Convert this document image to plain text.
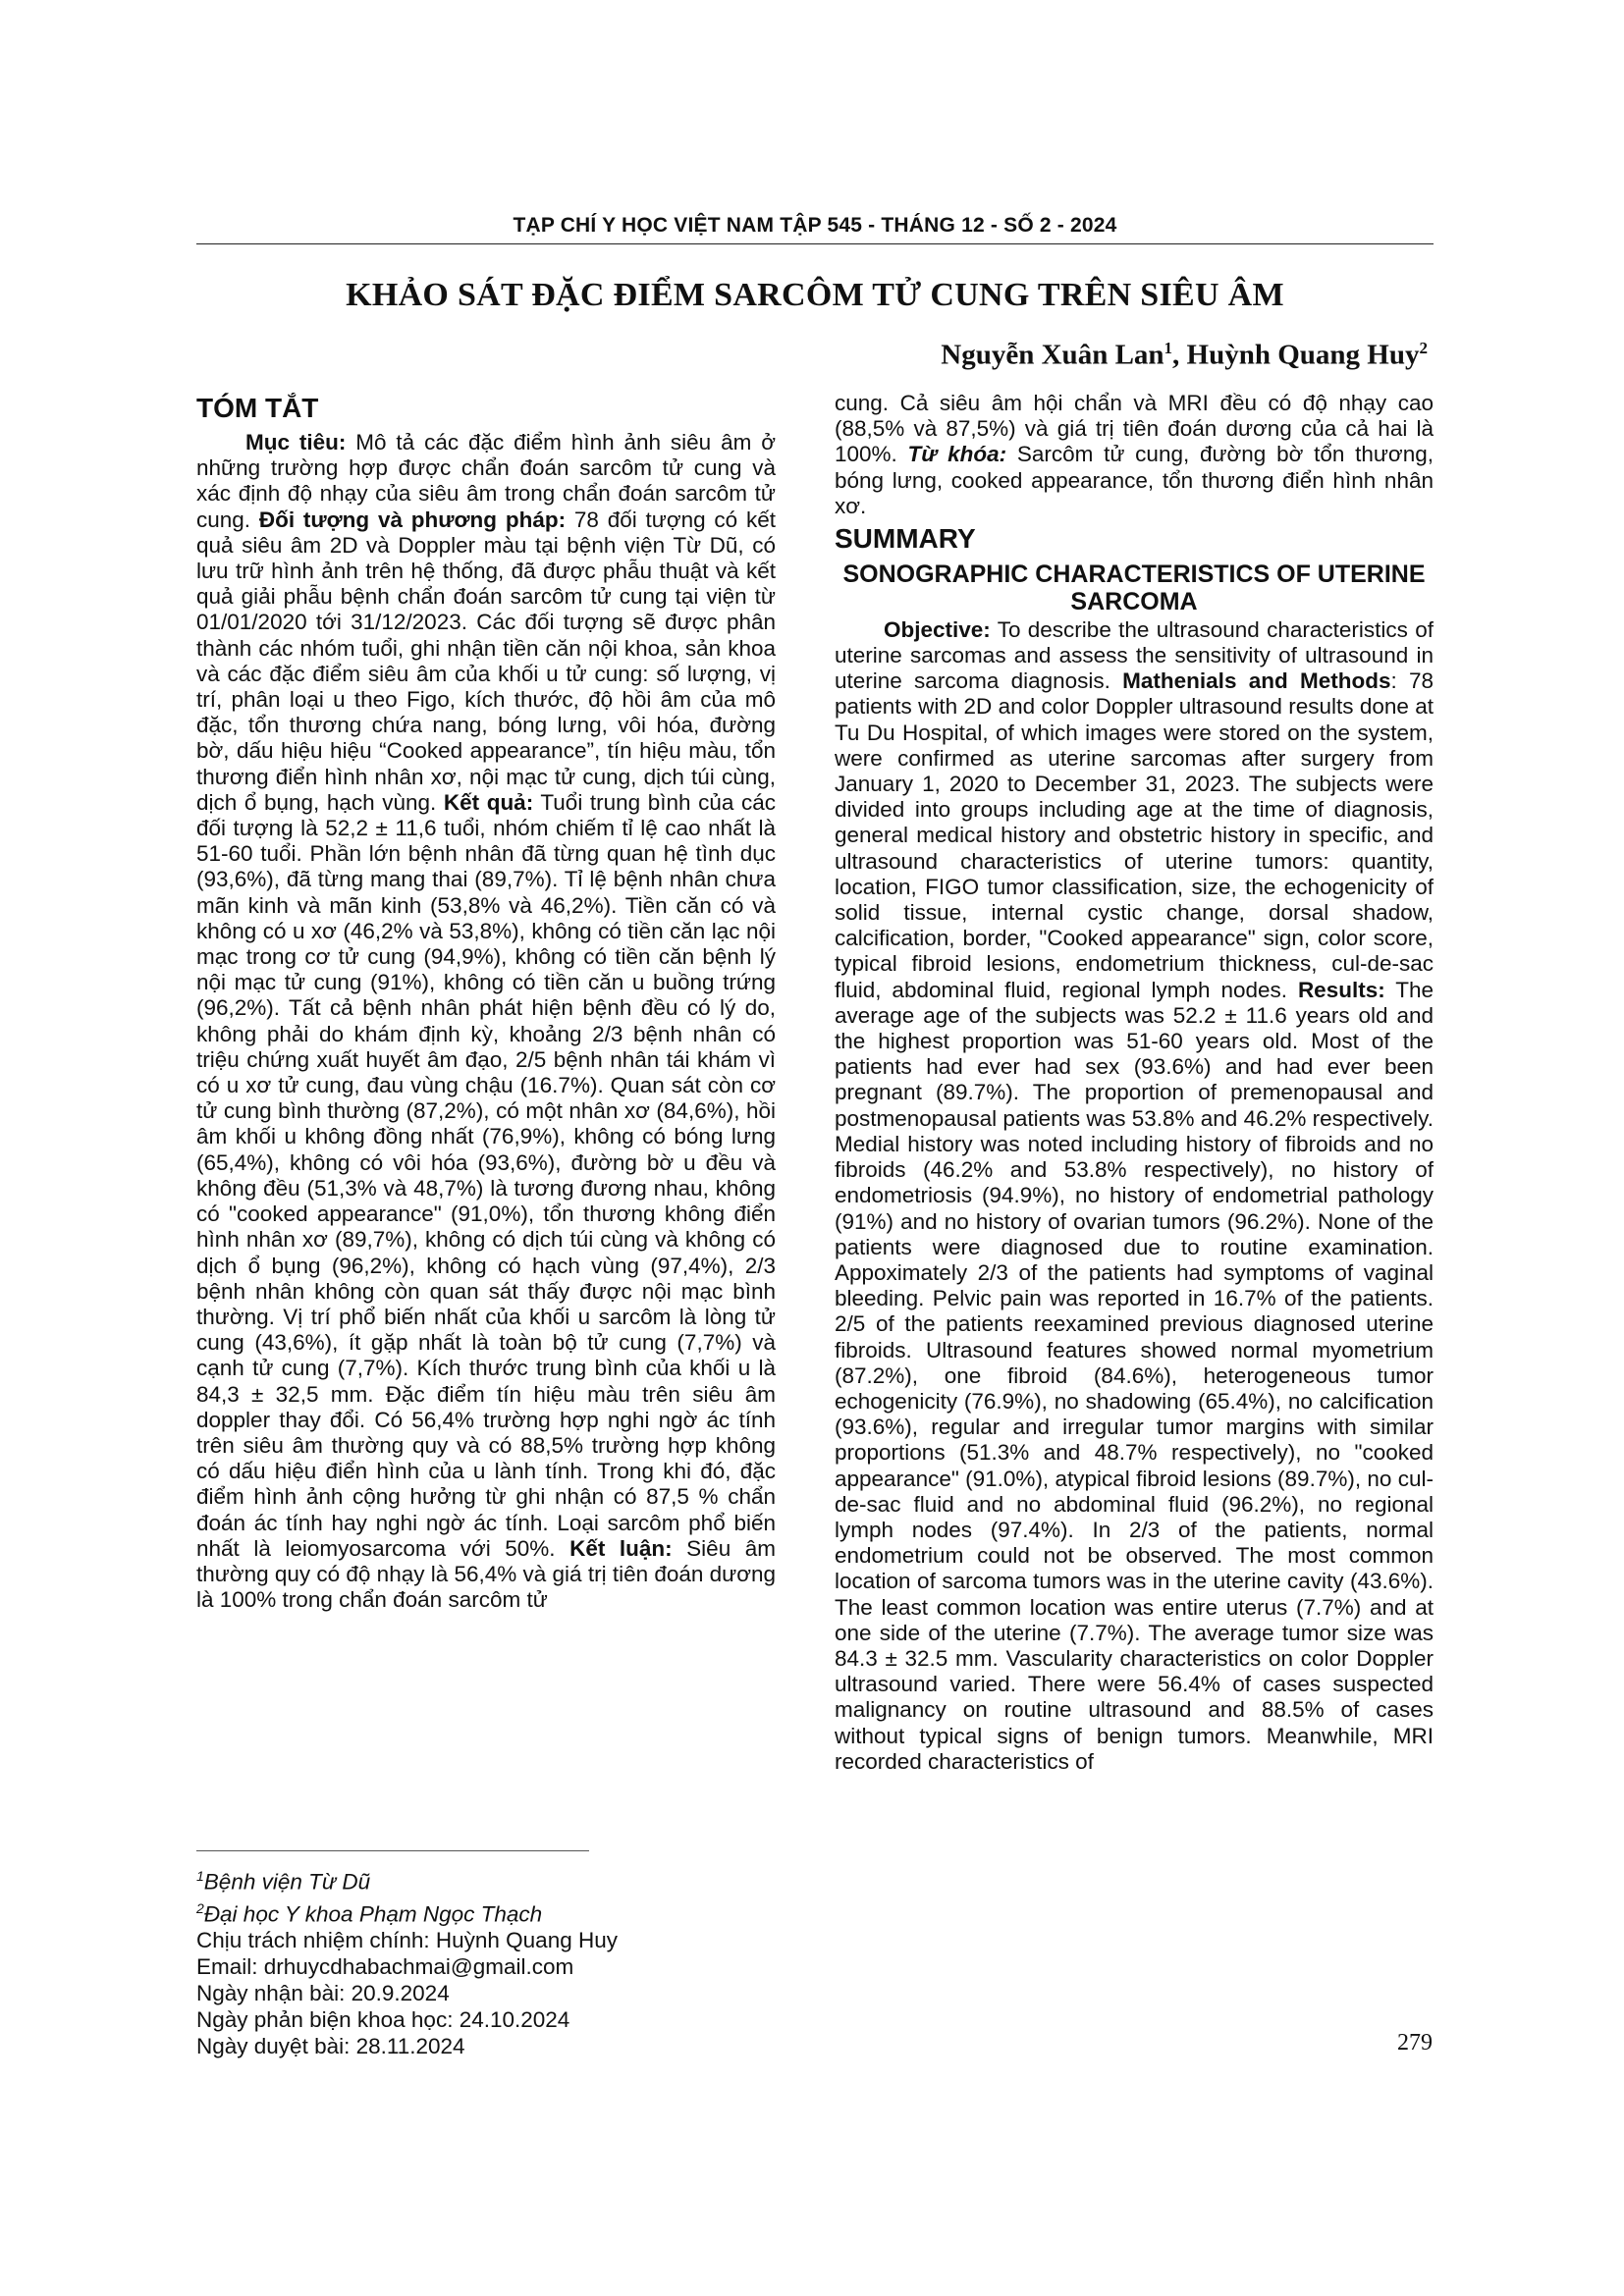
TẠP CHÍ Y HỌC VIỆT NAM TẬP 545 - THÁNG 12 - SỐ 2 - 2024
KHẢO SÁT ĐẶC ĐIỂM SARCÔM TỬ CUNG TRÊN SIÊU ÂM
Nguyễn Xuân Lan$^1$, Huỳnh Quang Huy$^2$
TÓM TẮT

Mục tiêu: Mô tả các đặc điểm hình ảnh siêu âm ở những trường hợp được chẩn đoán sarcôm tử cung và xác định độ nhạy của siêu âm trong chẩn đoán sarcôm tử cung. Đối tượng và phương pháp: 78 đối tượng có kết quả siêu âm 2D và Doppler màu tại bệnh viện Từ Dũ, có lưu trữ hình ảnh trên hệ thống, đã được phẫu thuật và kết quả giải phẫu bệnh chẩn đoán sarcôm tử cung tại viện từ 01/01/2020 tới 31/12/2023. Các đối tượng sẽ được phân thành các nhóm tuổi, ghi nhận tiền căn nội khoa, sản khoa và các đặc điểm siêu âm của khối u tử cung: số lượng, vị trí, phân loại u theo Figo, kích thước, độ hồi âm của mô đặc, tổn thương chứa nang, bóng lưng, vôi hóa, đường bờ, dấu hiệu hiệu “Cooked appearance”, tín hiệu màu, tổn thương điển hình nhân xơ, nội mạc tử cung, dịch túi cùng, dịch ổ bụng, hạch vùng. Kết quả: Tuổi trung bình của các đối tượng là 52,2 ± 11,6 tuổi, nhóm chiếm tỉ lệ cao nhất là 51-60 tuổi. Phần lớn bệnh nhân đã từng quan hệ tình dục (93,6%), đã từng mang thai (89,7%). Tỉ lệ bệnh nhân chưa mãn kinh và mãn kinh (53,8% và 46,2%). Tiền căn có và không có u xơ (46,2% và 53,8%), không có tiền căn lạc nội mạc trong cơ tử cung (94,9%), không có tiền căn bệnh lý nội mạc tử cung (91%), không có tiền căn u buồng trứng (96,2%). Tất cả bệnh nhân phát hiện bệnh đều có lý do, không phải do khám định kỳ, khoảng 2/3 bệnh nhân có triệu chứng xuất huyết âm đạo, 2/5 bệnh nhân tái khám vì có u xơ tử cung, đau vùng chậu (16.7%). Quan sát còn cơ tử cung bình thường (87,2%), có một nhân xơ (84,6%), hồi âm khối u không đồng nhất (76,9%), không có bóng lưng (65,4%), không có vôi hóa (93,6%), đường bờ u đều và không đều (51,3% và 48,7%) là tương đương nhau, không có "cooked appearance" (91,0%), tổn thương không điển hình nhân xơ (89,7%), không có dịch túi cùng và không có dịch ổ bụng (96,2%), không có hạch vùng (97,4%), 2/3 bệnh nhân không còn quan sát thấy được nội mạc bình thường. Vị trí phổ biến nhất của khối u sarcôm là lòng tử cung (43,6%), ít gặp nhất là toàn bộ tử cung (7,7%) và cạnh tử cung (7,7%). Kích thước trung bình của khối u là 84,3 ± 32,5 mm. Đặc điểm tín hiệu màu trên siêu âm doppler thay đổi. Có 56,4% trường hợp nghi ngờ ác tính trên siêu âm thường quy và có 88,5% trường hợp không có dấu hiệu điển hình của u lành tính. Trong khi đó, đặc điểm hình ảnh cộng hưởng từ ghi nhận có 87,5 % chẩn đoán ác tính hay nghi ngờ ác tính. Loại sarcôm phổ biến nhất là leiomyosarcoma với 50%. Kết luận: Siêu âm thường quy có độ nhạy là 56,4% và giá trị tiên đoán dương là 100% trong chẩn đoán sarcôm tử

cung. Cả siêu âm hội chẩn và MRI đều có độ nhạy cao (88,5% và 87,5%) và giá trị tiên đoán dương của cả hai là 100%. Từ khóa: Sarcôm tử cung, đường bờ tổn thương, bóng lưng, cooked appearance, tổn thương điển hình nhân xơ.

SUMMARY
SONOGRAPHIC CHARACTERISTICS OF UTERINE SARCOMA

Objective: To describe the ultrasound characteristics of uterine sarcomas and assess the sensitivity of ultrasound in uterine sarcoma diagnosis. Mathenials and Methods: 78 patients with 2D and color Doppler ultrasound results done at Tu Du Hospital, of which images were stored on the system, were confirmed as uterine sarcomas after surgery from January 1, 2020 to December 31, 2023. The subjects were divided into groups including age at the time of diagnosis, general medical history and obstetric history in specific, and ultrasound characteristics of uterine tumors: quantity, location, FIGO tumor classification, size, the echogenicity of solid tissue, internal cystic change, dorsal shadow, calcification, border, "Cooked appearance" sign, color score, typical fibroid lesions, endometrium thickness, cul-de-sac fluid, abdominal fluid, regional lymph nodes. Results: The average age of the subjects was 52.2 ± 11.6 years old and the highest proportion was 51-60 years old. Most of the patients had ever had sex (93.6%) and had ever been pregnant (89.7%). The proportion of premenopausal and postmenopausal patients was 53.8% and 46.2% respectively. Medial history was noted including history of fibroids and no fibroids (46.2% and 53.8% respectively), no history of endometriosis (94.9%), no history of endometrial pathology (91%) and no history of ovarian tumors (96.2%). None of the patients were diagnosed due to routine examination. Appoximately 2/3 of the patients had symptoms of vaginal bleeding. Pelvic pain was reported in 16.7% of the patients. 2/5 of the patients reexamined previous diagnosed uterine fibroids. Ultrasound features showed normal myometrium (87.2%), one fibroid (84.6%), heterogeneous tumor echogenicity (76.9%), no shadowing (65.4%), no calcification (93.6%), regular and irregular tumor margins with similar proportions (51.3% and 48.7% respectively), no "cooked appearance" (91.0%), atypical fibroid lesions (89.7%), no cul-de-sac fluid and no abdominal fluid (96.2%), no regional lymph nodes (97.4%). In 2/3 of the patients, normal endometrium could not be observed. The most common location of sarcoma tumors was in the uterine cavity (43.6%). The least common location was entire uterus (7.7%) and at one side of the uterine (7.7%). The average tumor size was 84.3 ± 32.5 mm. Vascularity characteristics on color Doppler ultrasound varied. There were 56.4% of cases suspected malignancy on routine ultrasound and 88.5% of cases without typical signs of benign tumors. Meanwhile, MRI recorded characteristics of

$^1$Bệnh viện Từ Dũ
$^2$Đại học Y khoa Phạm Ngọc Thạch
Chịu trách nhiệm chính: Huỳnh Quang Huy
Email: drhuycdhabachmai@gmail.com
Ngày nhận bài: 20.9.2024
Ngày phản biện khoa học: 24.10.2024
Ngày duyệt bài: 28.11.2024	279
